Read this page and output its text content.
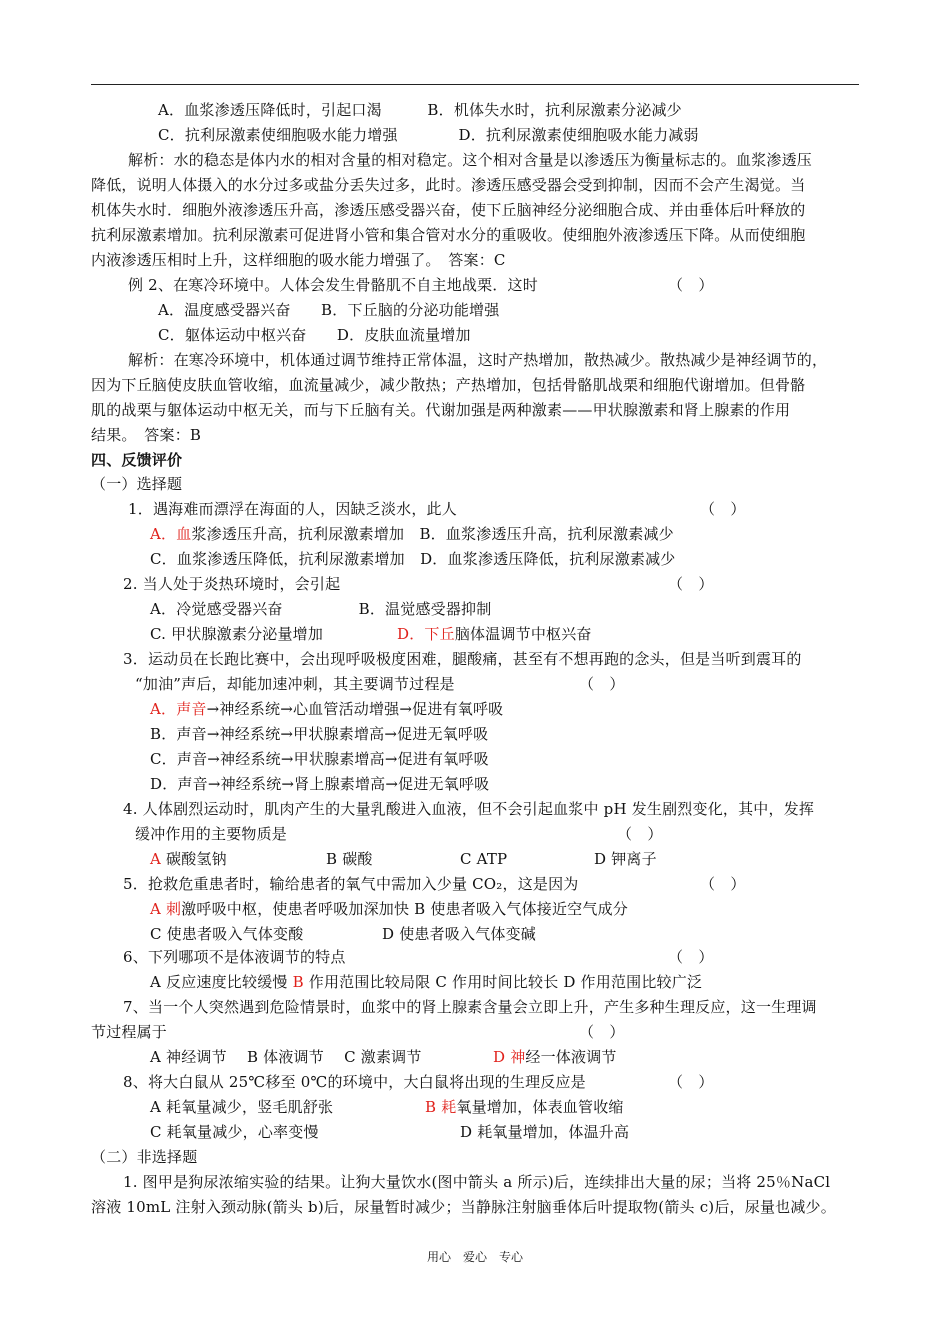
A．血浆渗透压降低时，引起口渴　　　B．机体失水时，抗利尿激素分泌减少
C．抗利尿激素使细胞吸水能力增强　　　　D．抗利尿激素使细胞吸水能力减弱
解析：水的稳态是体内水的相对含量的相对稳定。这个相对含量是以渗透压为衡量标志的。血浆渗透压
降低，说明人体摄入的水分过多或盐分丢失过多，此时。渗透压感受器会受到抑制，因而不会产生渴觉。当
机体失水时．细胞外液渗透压升高，渗透压感受器兴奋，使下丘脑神经分泌细胞合成、并由垂体后叶释放的
抗利尿激素增加。抗利尿激素可促进肾小管和集合管对水分的重吸收。使细胞外液渗透压下降。从而使细胞
内液渗透压相时上升，这样细胞的吸水能力增强了。　答案：C
例 2、在寒冷环境中。人体会发生骨骼肌不自主地战栗．这时	（　）
A．温度感受器兴奋　　B．下丘脑的分泌功能增强
C．躯体运动中枢兴奋　　D．皮肤血流量增加
解析：在寒冷环境中，机体通过调节维持正常体温，这时产热增加，散热减少。散热减少是神经调节的，
因为下丘脑使皮肤血管收缩，血流量减少，减少散热；产热增加，包括骨骼肌战栗和细胞代谢增加。但骨骼
肌的战栗与躯体运动中枢无关，而与下丘脑有关。代谢加强是两种激素——甲状腺激素和肾上腺素的作用
结果。　答案：B
四、反馈评价
（一）选择题
1．遇海难而漂浮在海面的人，因缺乏淡水，此人	（　）
A．血浆渗透压升高，抗利尿激素增加　B．血浆渗透压升高，抗利尿激素减少
C．血浆渗透压降低，抗利尿激素增加　D．血浆渗透压降低，抗利尿激素减少
2. 当人处于炎热环境时，会引起	（　）
A．冷觉感受器兴奋　　　　　B．温觉感受器抑制
C. 甲状腺激素分泌量增加	D．下丘脑体温调节中枢兴奋
3．运动员在长跑比赛中，会出现呼吸极度困难，腿酸痛，甚至有不想再跑的念头，但是当听到震耳的
“加油”声后，却能加速冲刺，其主要调节过程是	（　）
A．声音→神经系统→心血管活动增强→促进有氧呼吸
B．声音→神经系统→甲状腺素增高→促进无氧呼吸
C．声音→神经系统→甲状腺素增高→促进有氧呼吸
D．声音→神经系统→肾上腺素增高→促进无氧呼吸
4. 人体剧烈运动时，肌肉产生的大量乳酸进入血液，但不会引起血浆中 pH 发生剧烈变化，其中，发挥
缓冲作用的主要物质是	（　）
A 碳酸氢钠	B 碳酸	C ATP	D 钾离子
5．抢救危重患者时，输给患者的氧气中需加入少量 CO₂，这是因为	（　）
A 刺激呼吸中枢，使患者呼吸加深加快 B 使患者吸入气体接近空气成分
C 使患者吸入气体变酸	D 使患者吸入气体变碱
6、下列哪项不是体液调节的特点	（　）
A 反应速度比较缓慢 B 作用范围比较局限 C 作用时间比较长 D 作用范围比较广泛
7、当一个人突然遇到危险情景时，血浆中的肾上腺素含量会立即上升，产生多种生理反应，这一生理调
节过程属于	（　）
A 神经调节　 B 体液调节　 C 激素调节	D 神经一体液调节
8、将大白鼠从 25℃移至 0℃的环境中，大白鼠将出现的生理反应是	（　）
A 耗氧量减少，竖毛肌舒张	B 耗氧量增加，体表血管收缩
C 耗氧量减少，心率变慢	D 耗氧量增加，体温升高
（二）非选择题
1. 图甲是狗尿浓缩实验的结果。让狗大量饮水(图中箭头 a 所示)后，连续排出大量的尿；当将 25％NaCl
溶液 10mL 注射入颈动脉(箭头 b)后，尿量暂时减少；当静脉注射脑垂体后叶提取物(箭头 c)后，尿量也减少。
用心　爱心　专心
